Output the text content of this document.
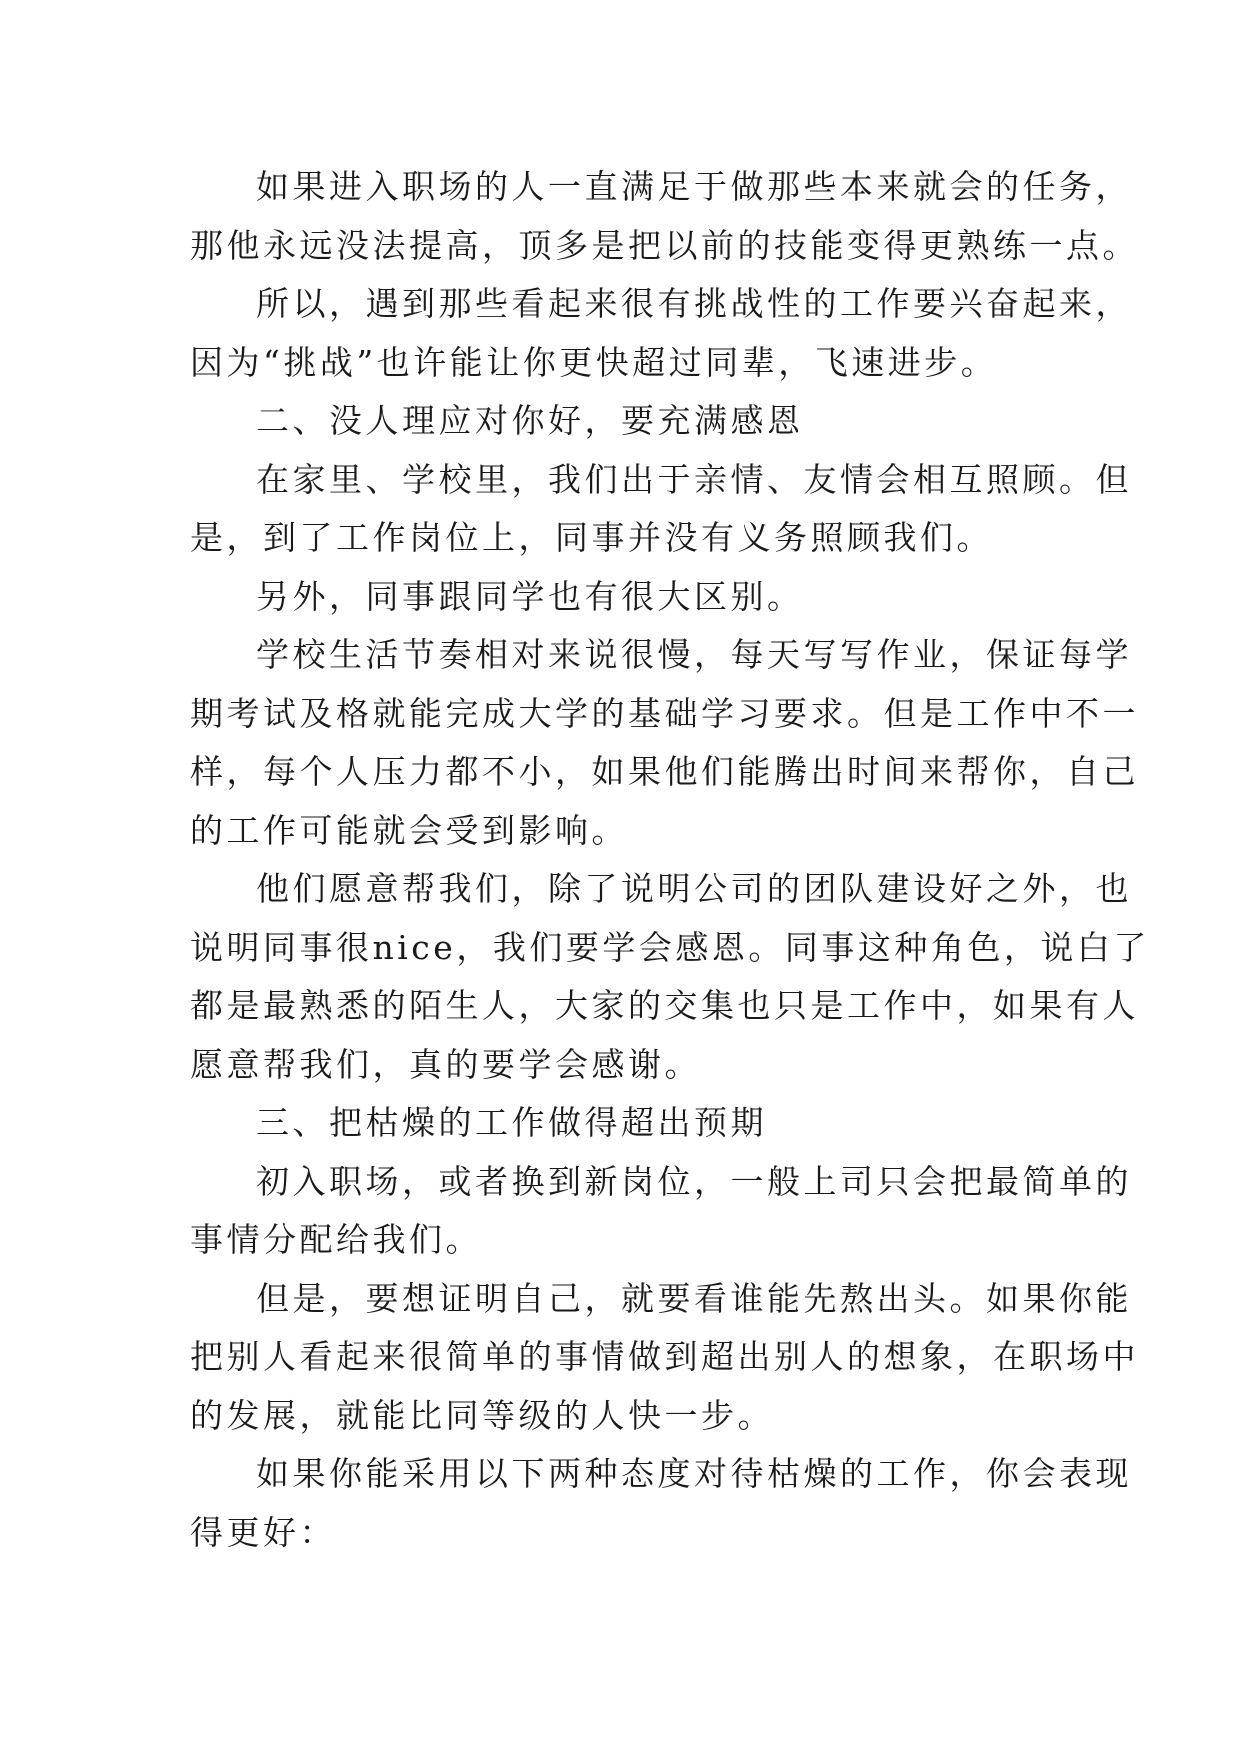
如果进入职场的人一直满足于做那些本来就会的任务，
那他永远没法提高，顶多是把以前的技能变得更熟练一点。

所以，遇到那些看起来很有挑战性的工作要兴奋起来，
因为“挑战”也许能让你更快超过同辈，飞速进步。

二、没人理应对你好，要充满感恩

在家里、学校里，我们出于亲情、友情会相互照顾。但
是，到了工作岗位上，同事并没有义务照顾我们。

另外，同事跟同学也有很大区别。

学校生活节奏相对来说很慢，每天写写作业，保证每学
期考试及格就能完成大学的基础学习要求。但是工作中不一
样，每个人压力都不小，如果他们能腾出时间来帮你，自己
的工作可能就会受到影响。

他们愿意帮我们，除了说明公司的团队建设好之外，也
说明同事很nice，我们要学会感恩。同事这种角色，说白了
都是最熟悉的陌生人，大家的交集也只是工作中，如果有人
愿意帮我们，真的要学会感谢。

三、把枯燥的工作做得超出预期

初入职场，或者换到新岗位，一般上司只会把最简单的
事情分配给我们。

但是，要想证明自己，就要看谁能先熬出头。如果你能
把别人看起来很简单的事情做到超出别人的想象，在职场中
的发展，就能比同等级的人快一步。

如果你能采用以下两种态度对待枯燥的工作，你会表现
得更好：
